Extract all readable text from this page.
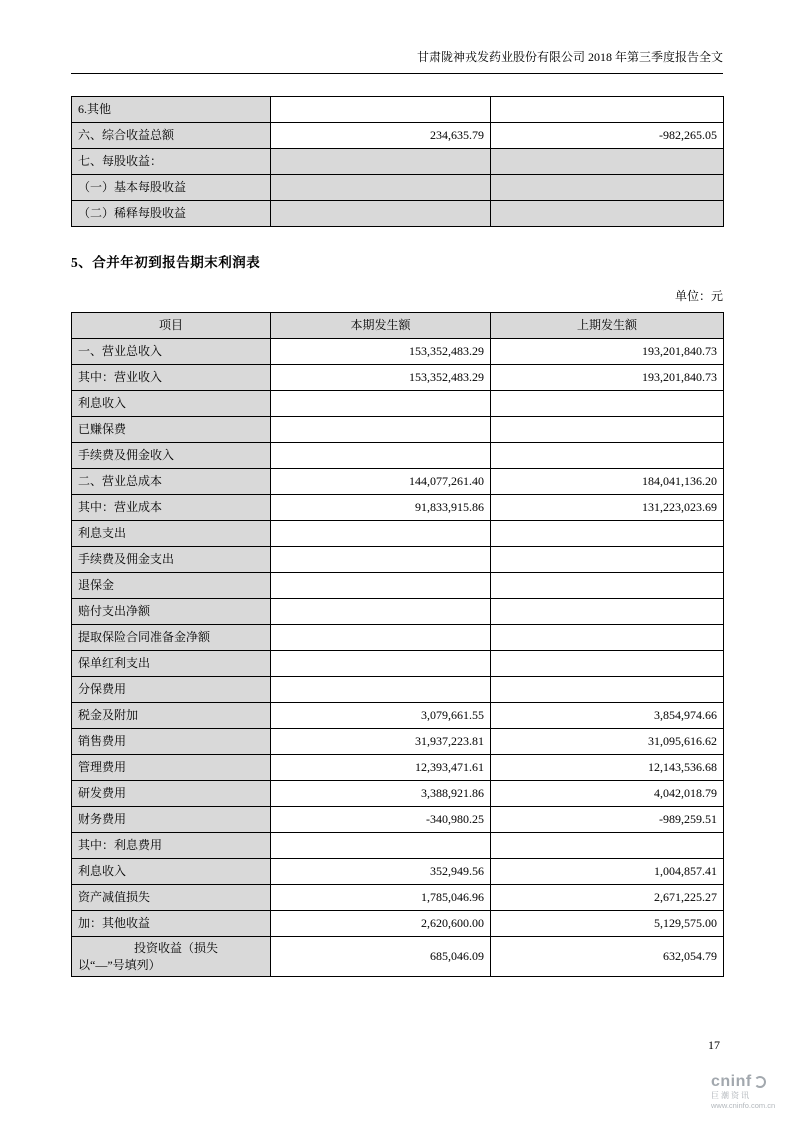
甘肃陇神戎发药业股份有限公司 2018 年第三季度报告全文
6.其他		
六、综合收益总额	234,635.79	-982,265.05
七、每股收益：		
（一）基本每股收益		
（二）稀释每股收益		
5、合并年初到报告期末利润表
单位：元
项目	本期发生额	上期发生额
一、营业总收入	153,352,483.29	193,201,840.73
其中：营业收入	153,352,483.29	193,201,840.73
利息收入		
已赚保费		
手续费及佣金收入		
二、营业总成本	144,077,261.40	184,041,136.20
其中：营业成本	91,833,915.86	131,223,023.69
利息支出		
手续费及佣金支出		
退保金		
赔付支出净额		
提取保险合同准备金净额		
保单红利支出		
分保费用		
税金及附加	3,079,661.55	3,854,974.66
销售费用	31,937,223.81	31,095,616.62
管理费用	12,393,471.61	12,143,536.68
研发费用	3,388,921.86	4,042,018.79
财务费用	-340,980.25	-989,259.51
其中：利息费用		
利息收入	352,949.56	1,004,857.41
资产减值损失	1,785,046.96	2,671,225.27
加：其他收益	2,620,600.00	5,129,575.00
投资收益（损失以“—”号填列）	685,046.09	632,054.79
17
cninf
巨潮资讯
www.cninfo.com.cn
